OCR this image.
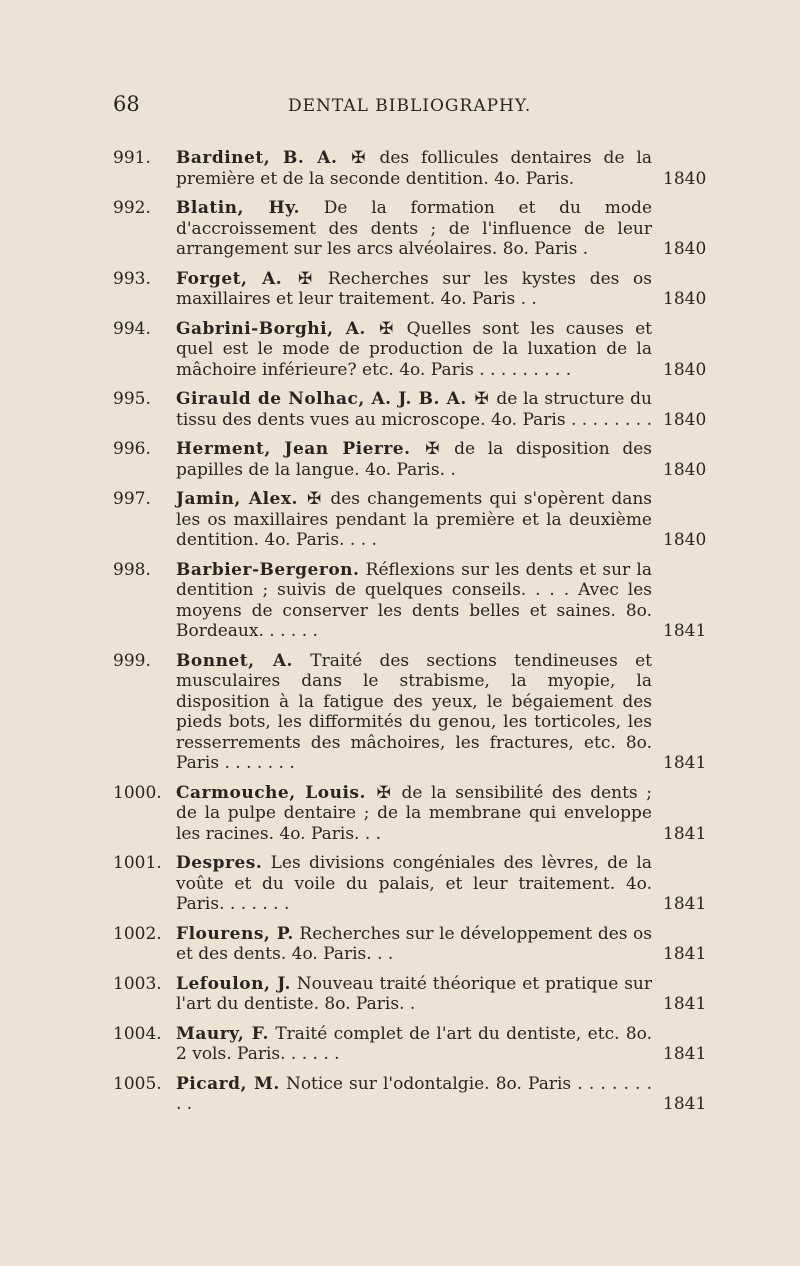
68	DENTAL BIBLIOGRAPHY.
991.	Bardinet, B. A. ✠ des follicules dentaires de la première et de la seconde dentition. 4o. Paris.	1840
992.	Blatin, Hy. De la formation et du mode d'accroissement des dents ; de l'influence de leur arrangement sur les arcs alvéolaires. 8o. Paris .	1840
993.	Forget, A. ✠ Recherches sur les kystes des os maxillaires et leur traitement. 4o. Paris . .	1840
994.	Gabrini-Borghi, A. ✠ Quelles sont les causes et quel est le mode de production de la luxation de la mâchoire inférieure? etc. 4o. Paris . . . . . . . . .	1840
995.	Girauld de Nolhac, A. J. B. A. ✠ de la structure du tissu des dents vues au microscope. 4o. Paris . . . . . . . . 1840
996.	Herment, Jean Pierre. ✠ de la disposition des papilles de la langue. 4o. Paris. .	1840
997.	Jamin, Alex. ✠ des changements qui s'opèrent dans les os maxillaires pendant la première et la deuxième dentition. 4o. Paris. . . .	1840
998.	Barbier-Bergeron. Réflexions sur les dents et sur la dentition ; suivis de quelques conseils. . . . Avec les moyens de conserver les dents belles et saines. 8o. Bordeaux. . . . . .	1841
999.	Bonnet, A. Traité des sections tendineuses et musculaires dans le strabisme, la myopie, la disposition à la fatigue des yeux, le bégaiement des pieds bots, les difformités du genou, les torticoles, les resserrements des mâchoires, les fractures, etc. 8o. Paris . . . . . . .	1841
1000. Carmouche, Louis. ✠ de la sensibilité des dents ; de la pulpe dentaire ; de la membrane qui enveloppe les racines. 4o. Paris. . .	1841
1001. Despres. Les divisions congéniales des lèvres, de la voûte et du voile du palais, et leur traitement. 4o. Paris. . . . . . .	1841
1002. Flourens, P. Recherches sur le développement des os et des dents. 4o. Paris. . .	1841
1003. Lefoulon, J. Nouveau traité théorique et pratique sur l'art du dentiste. 8o. Paris. .	1841
1004. Maury, F. Traité complet de l'art du dentiste, etc. 8o. 2 vols. Paris. . . . . .	1841
1005. Picard, M. Notice sur l'odontalgie. 8o. Paris . . . . . . . . .	1841
